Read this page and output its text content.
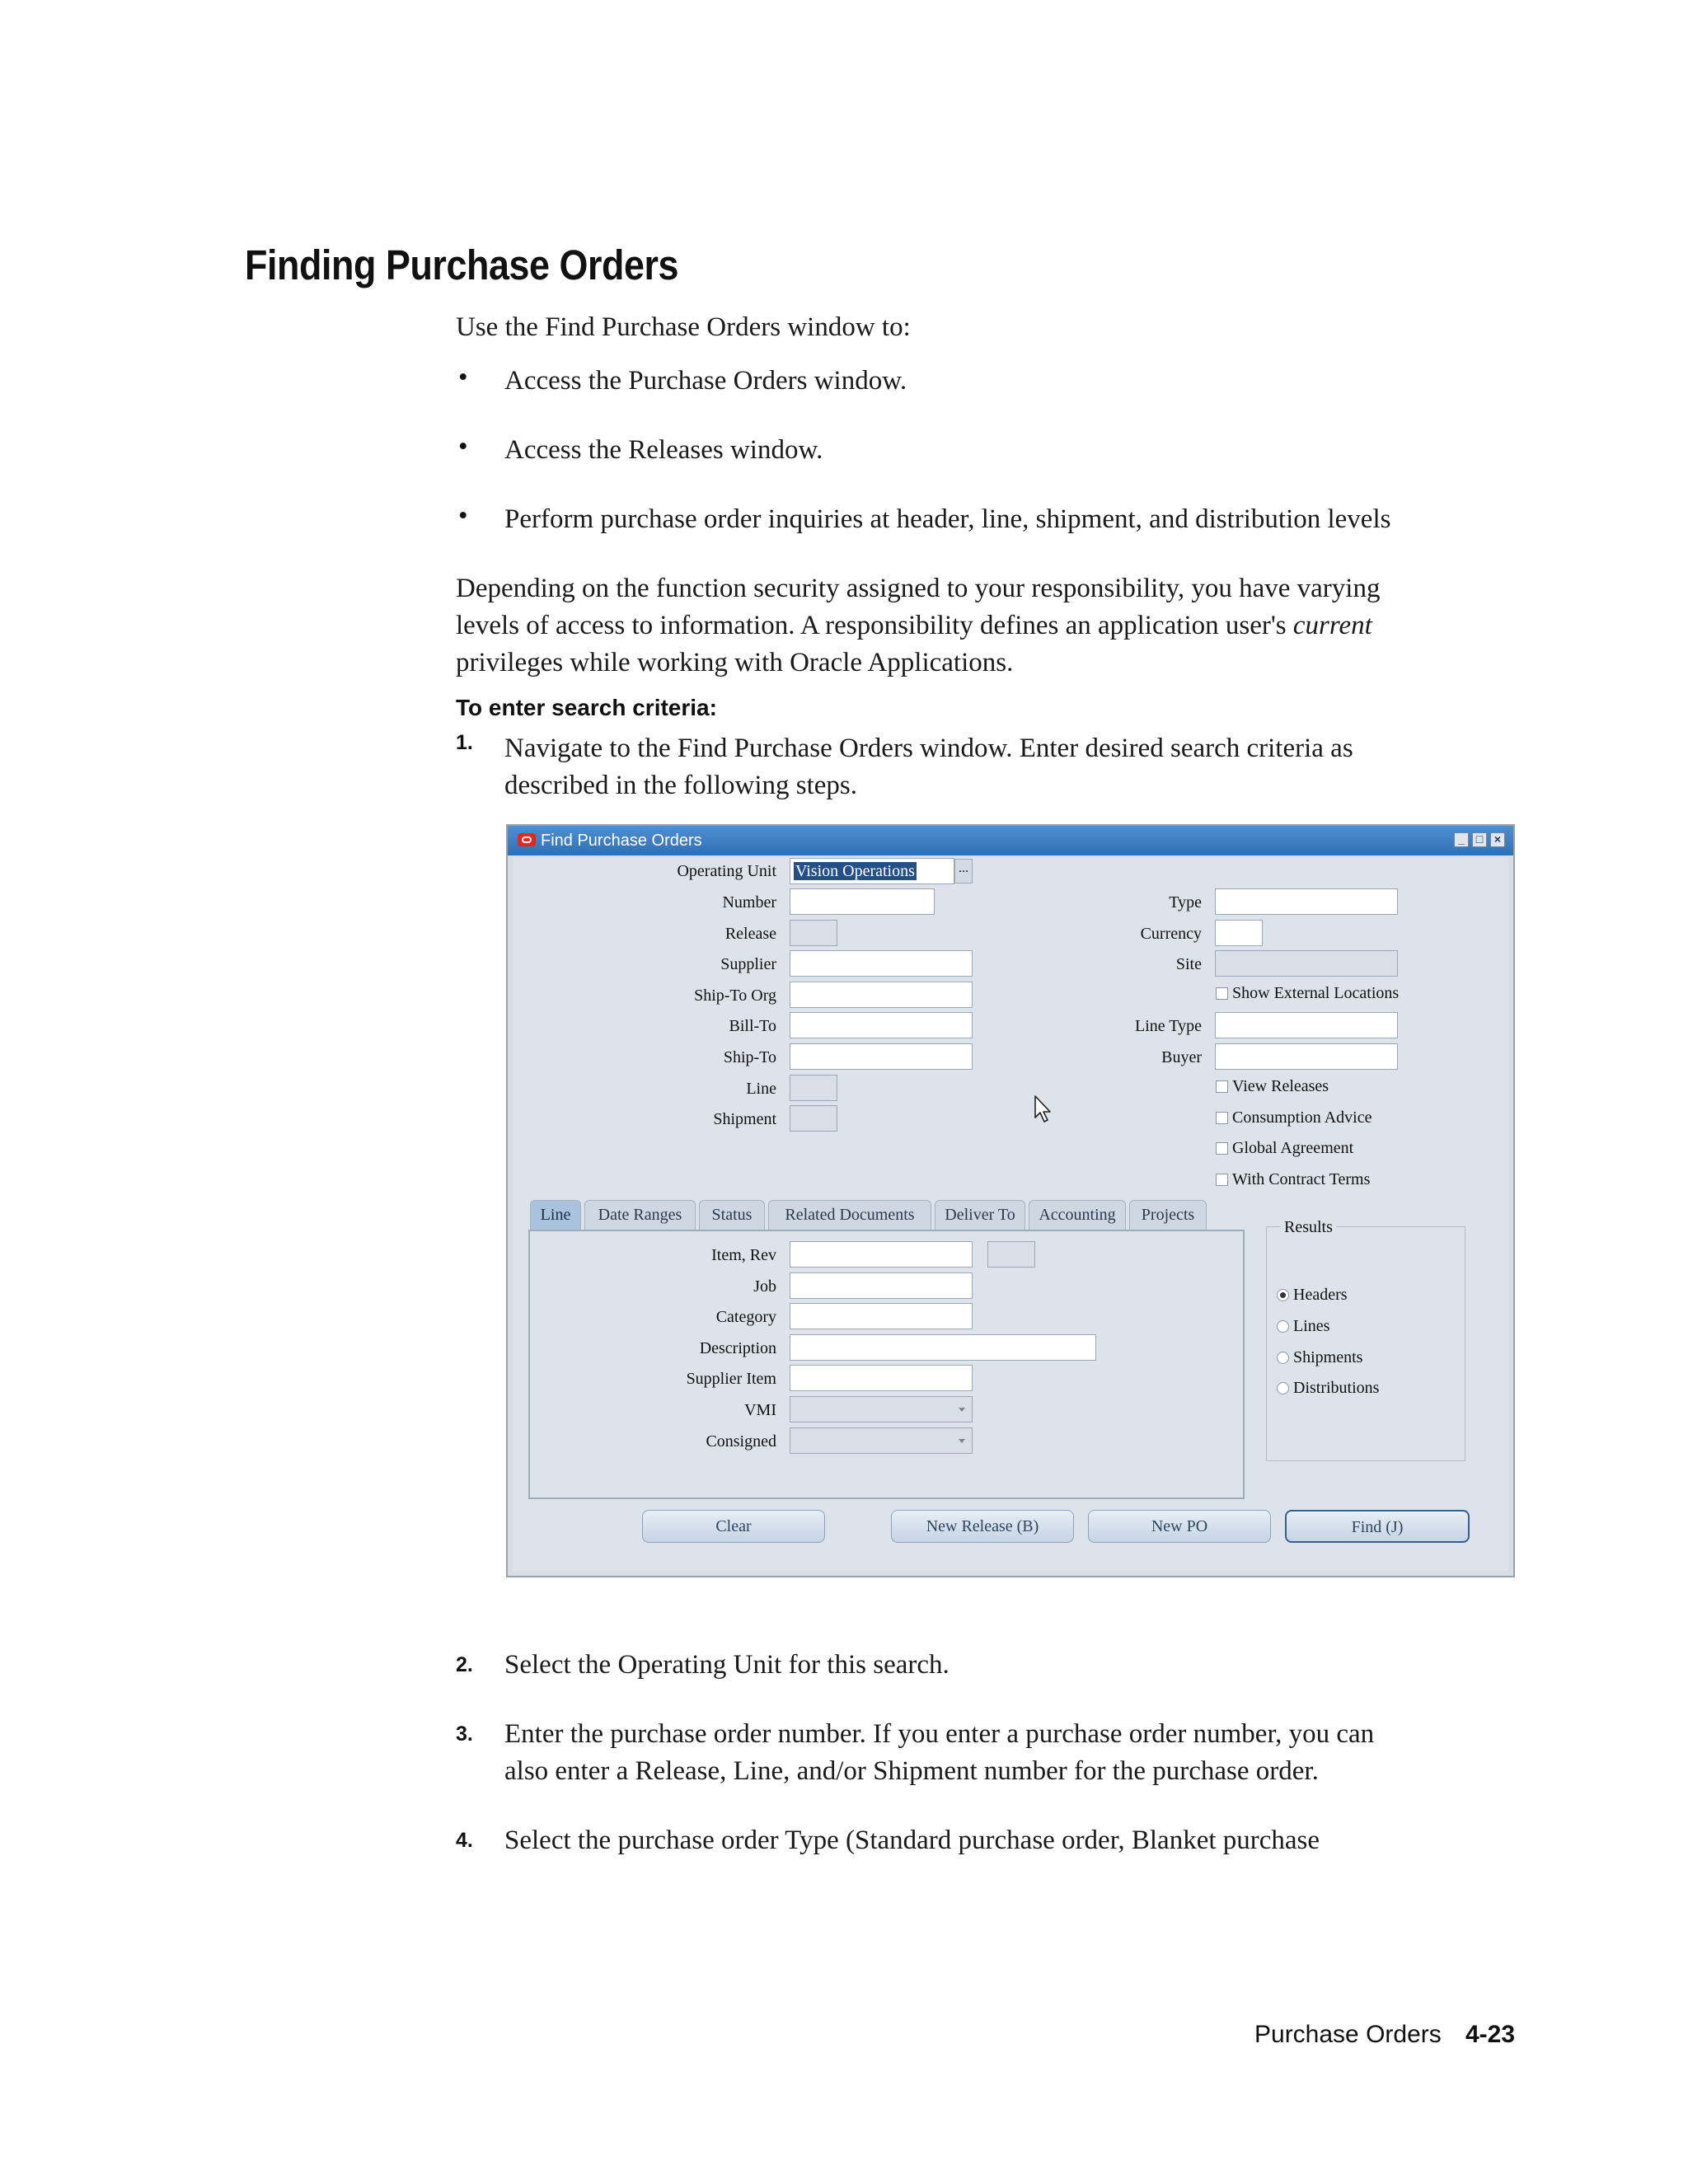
Finding Purchase Orders
Use the Find Purchase Orders window to:
• Access the Purchase Orders window.
• Access the Releases window.
• Perform purchase order inquiries at header, line, shipment, and distribution levels
Depending on the function security assigned to your responsibility, you have varying
levels of access to information. A responsibility defines an application user's current
privileges while working with Oracle Applications.
To enter search criteria:
1. Navigate to the Find Purchase Orders window. Enter desired search criteria as
described in the following steps.
Find Purchase Orders	_ □ ×
Operating Unit	Vision Operations	...
Number
Release
Supplier
Ship-To Org
Bill-To
Ship-To
Line
Shipment
Type
Currency
Site
Show External Locations
Line Type
Buyer
View Releases
Consumption Advice
Global Agreement
With Contract Terms
Line	Date Ranges	Status	Related Documents	Deliver To	Accounting	Projects
Item, Rev
Job
Category
Description
Supplier Item
VMI
Consigned
Results
Headers
Lines
Shipments
Distributions
Clear	New Release (B)	New PO	Find (J)
2. Select the Operating Unit for this search.
3. Enter the purchase order number. If you enter a purchase order number, you can
also enter a Release, Line, and/or Shipment number for the purchase order.
4. Select the purchase order Type (Standard purchase order, Blanket purchase
Purchase Orders 4-23
